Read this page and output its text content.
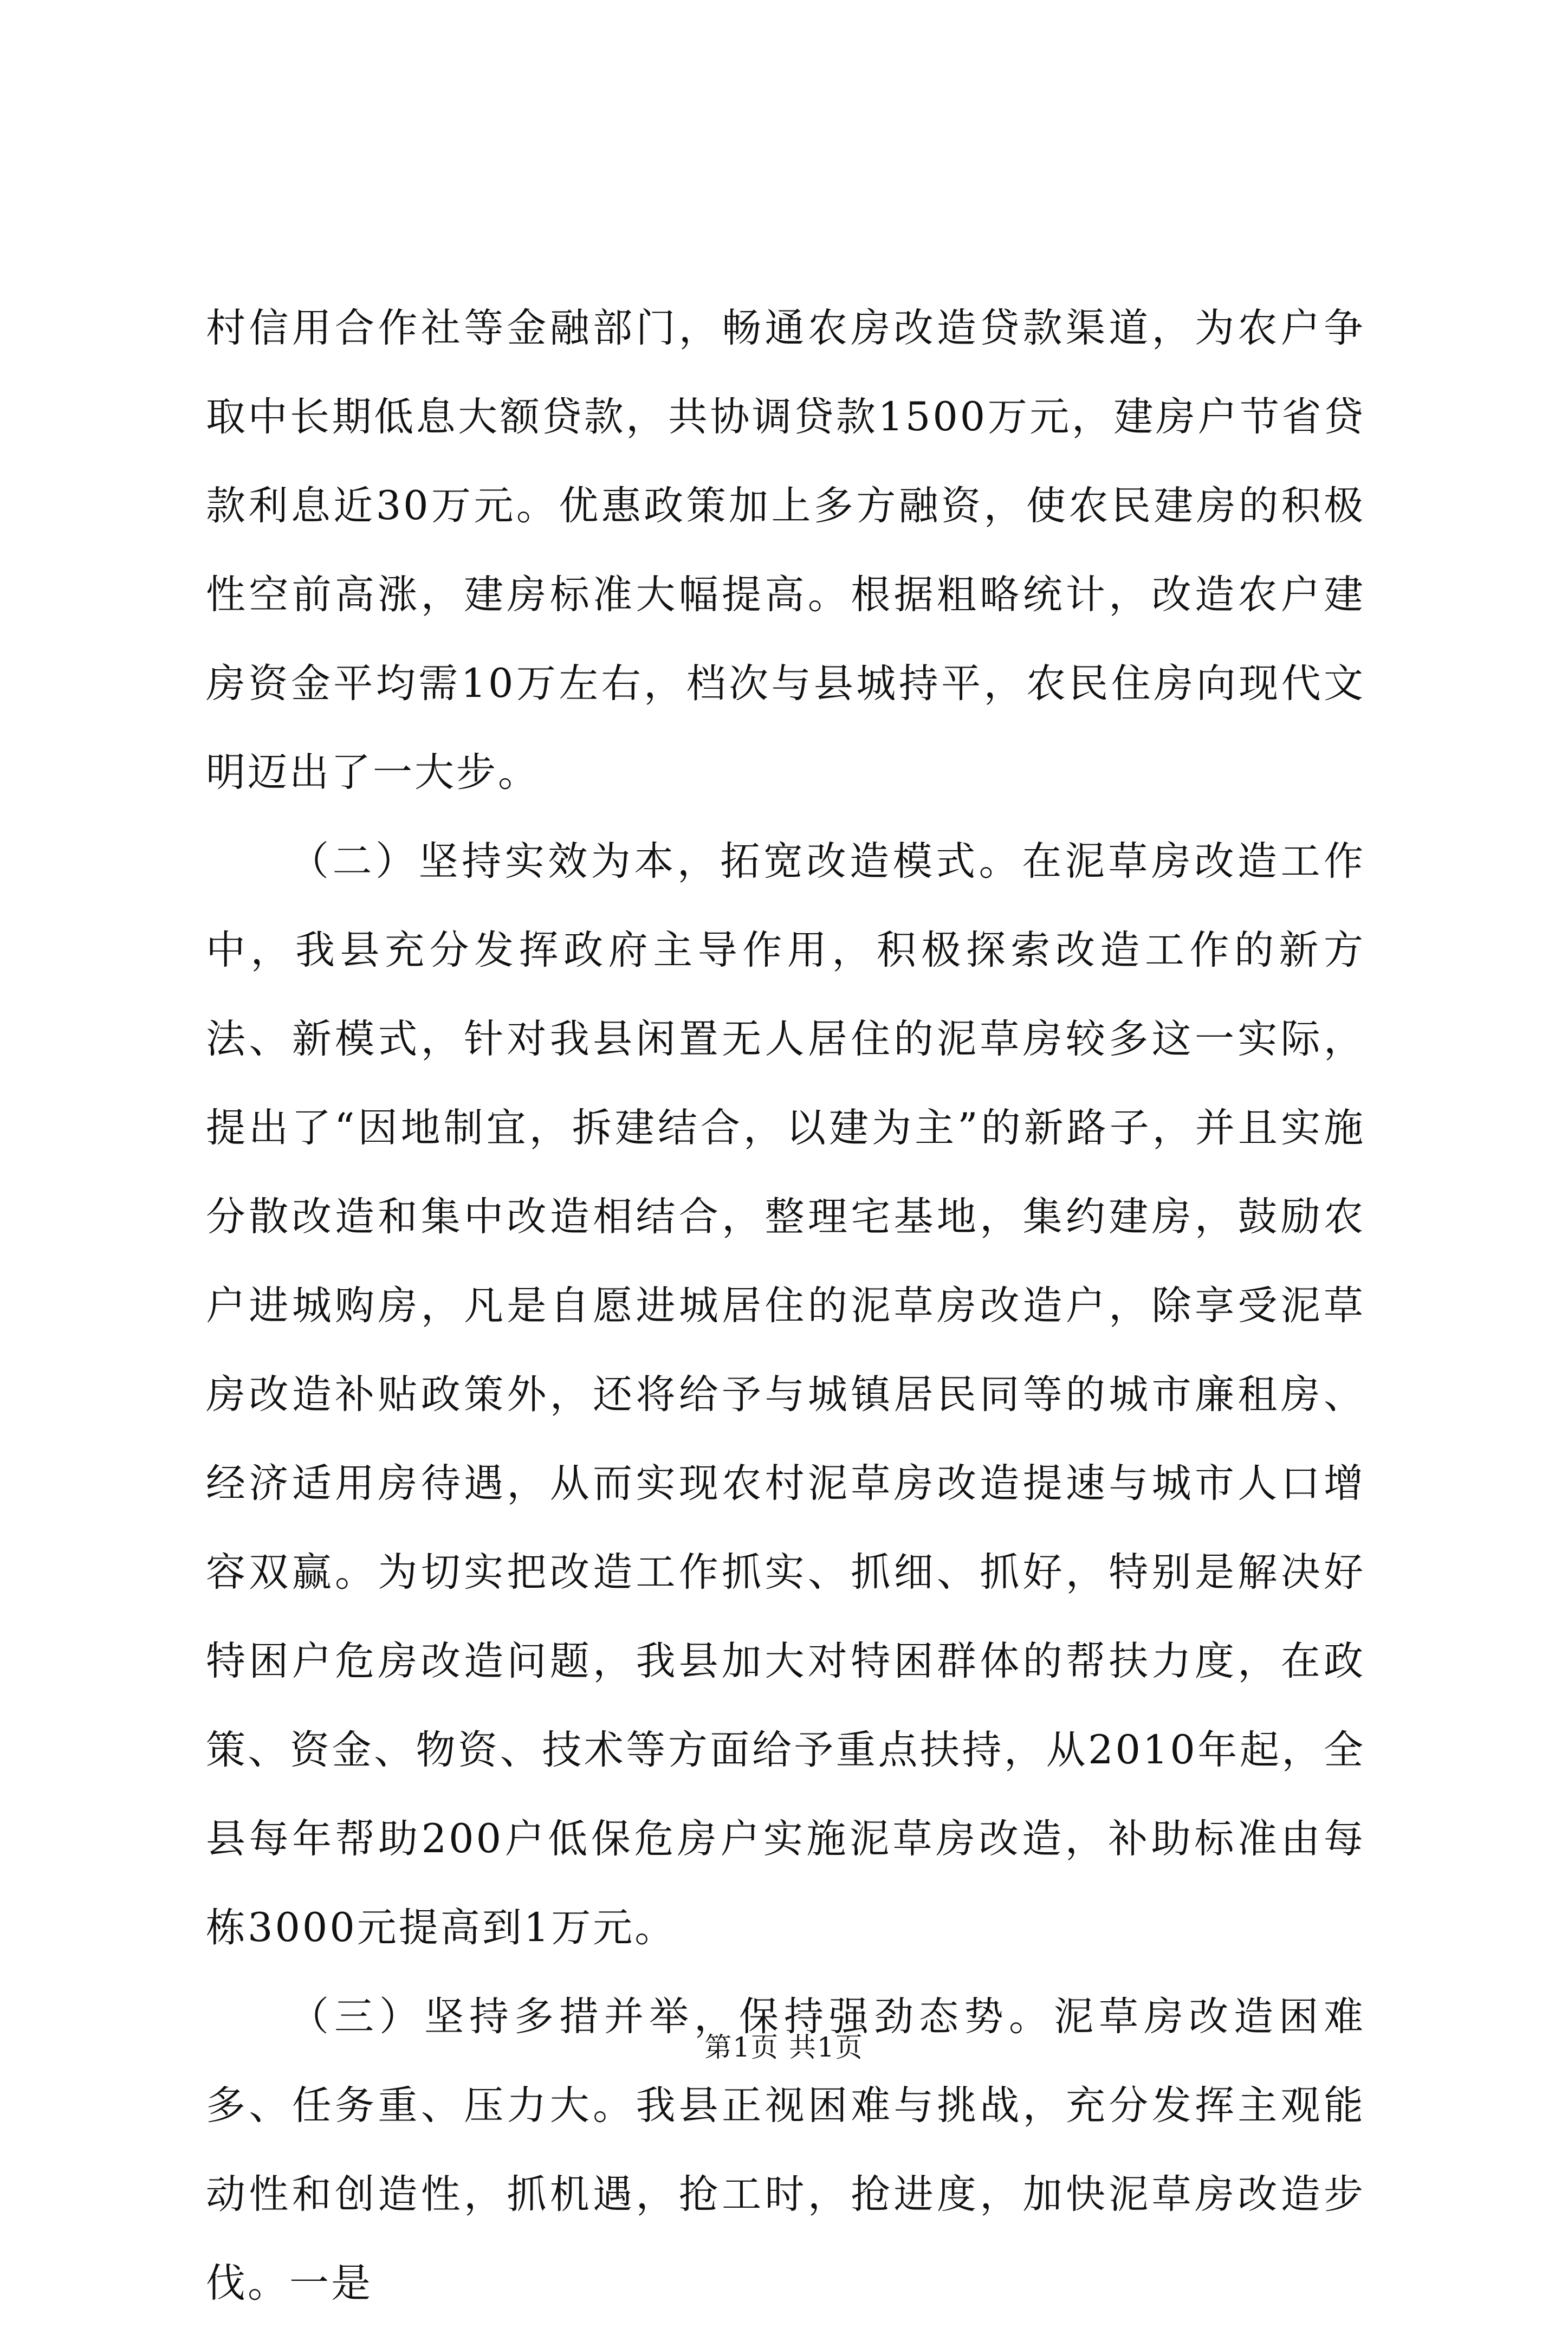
村信用合作社等金融部门，畅通农房改造贷款渠道，为农户争取中长期低息大额贷款，共协调贷款1500万元，建房户节省贷款利息近30万元。优惠政策加上多方融资，使农民建房的积极性空前高涨，建房标准大幅提高。根据粗略统计，改造农户建房资金平均需10万左右，档次与县城持平，农民住房向现代文明迈出了一大步。

（二）坚持实效为本，拓宽改造模式。在泥草房改造工作中，我县充分发挥政府主导作用，积极探索改造工作的新方法、新模式，针对我县闲置无人居住的泥草房较多这一实际，提出了“因地制宜，拆建结合，以建为主”的新路子，并且实施分散改造和集中改造相结合，整理宅基地，集约建房，鼓励农户进城购房，凡是自愿进城居住的泥草房改造户，除享受泥草房改造补贴政策外，还将给予与城镇居民同等的城市廉租房、经济适用房待遇，从而实现农村泥草房改造提速与城市人口增容双赢。为切实把改造工作抓实、抓细、抓好，特别是解决好特困户危房改造问题，我县加大对特困群体的帮扶力度，在政策、资金、物资、技术等方面给予重点扶持，从2010年起，全县每年帮助200户低保危房户实施泥草房改造，补助标准由每栋3000元提高到1万元。

（三）坚持多措并举，保持强劲态势。泥草房改造困难多、任务重、压力大。我县正视困难与挑战，充分发挥主观能动性和创造性，抓机遇，抢工时，抢进度，加快泥草房改造步伐。一是

第1页 共1页
